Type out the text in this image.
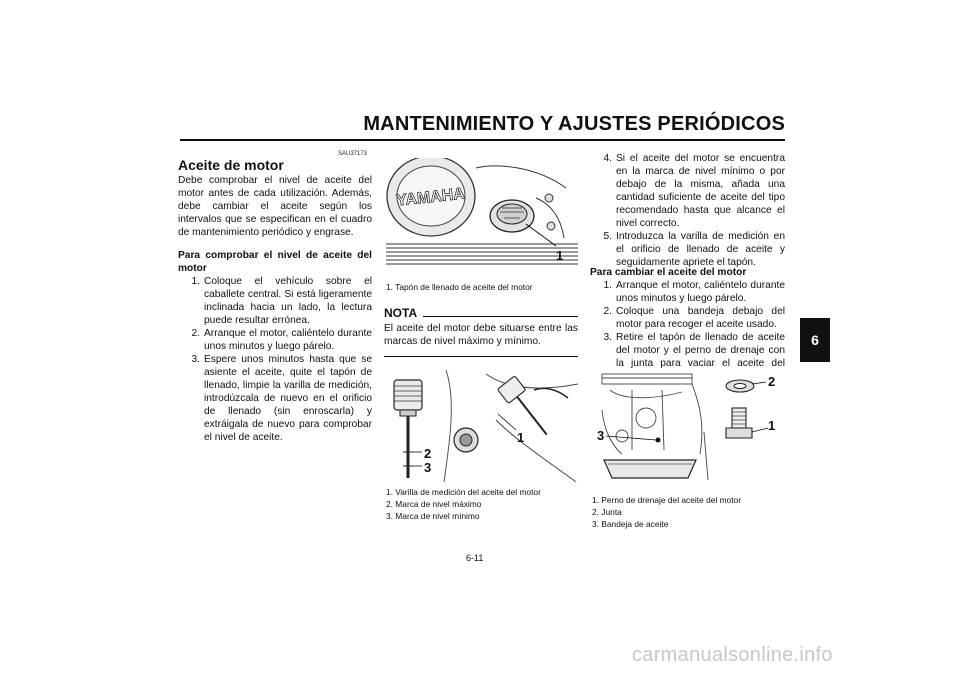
MANTENIMIENTO Y AJUSTES PERIÓDICOS
6
SAU37173
Aceite de motor
Debe comprobar el nivel de aceite del motor antes de cada utilización. Además, debe cambiar el aceite según los intervalos que se especifican en el cuadro de mantenimiento periódico y engrase.
Para comprobar el nivel de aceite del motor
1. Coloque el vehículo sobre el caballete central. Si está ligeramente inclinada hacia un lado, la lectura puede resultar errónea.
2. Arranque el motor, caliéntelo durante unos minutos y luego párelo.
3. Espere unos minutos hasta que se asiente el aceite, quite el tapón de llenado, limpie la varilla de medición, introdúzcala de nuevo en el orificio de llenado (sin enroscarla) y extráigala de nuevo para comprobar el nivel de aceite.
YAMAHA
1
1. Tapón de llenado de aceite del motor
NOTA
El aceite del motor debe situarse entre las marcas de nivel máximo y mínimo.
2
3
1
1. Varilla de medición del aceite del motor
2. Marca de nivel máximo
3. Marca de nivel mínimo
4. Si el aceite del motor se encuentra en la marca de nivel mínimo o por debajo de la misma, añada una cantidad suficiente de aceite del tipo recomendado hasta que alcance el nivel correcto.
5. Introduzca la varilla de medición en el orificio de llenado de aceite y seguidamente apriete el tapón.
Para cambiar el aceite del motor
1. Arranque el motor, caliéntelo durante unos minutos y luego párelo.
2. Coloque una bandeja debajo del motor para recoger el aceite usado.
3. Retire el tapón de llenado de aceite del motor y el perno de drenaje con la junta para vaciar el aceite del
3
1
2
1. Perno de drenaje del aceite del motor
2. Junta
3. Bandeja de aceite
6-11
carmanualsonline.info
